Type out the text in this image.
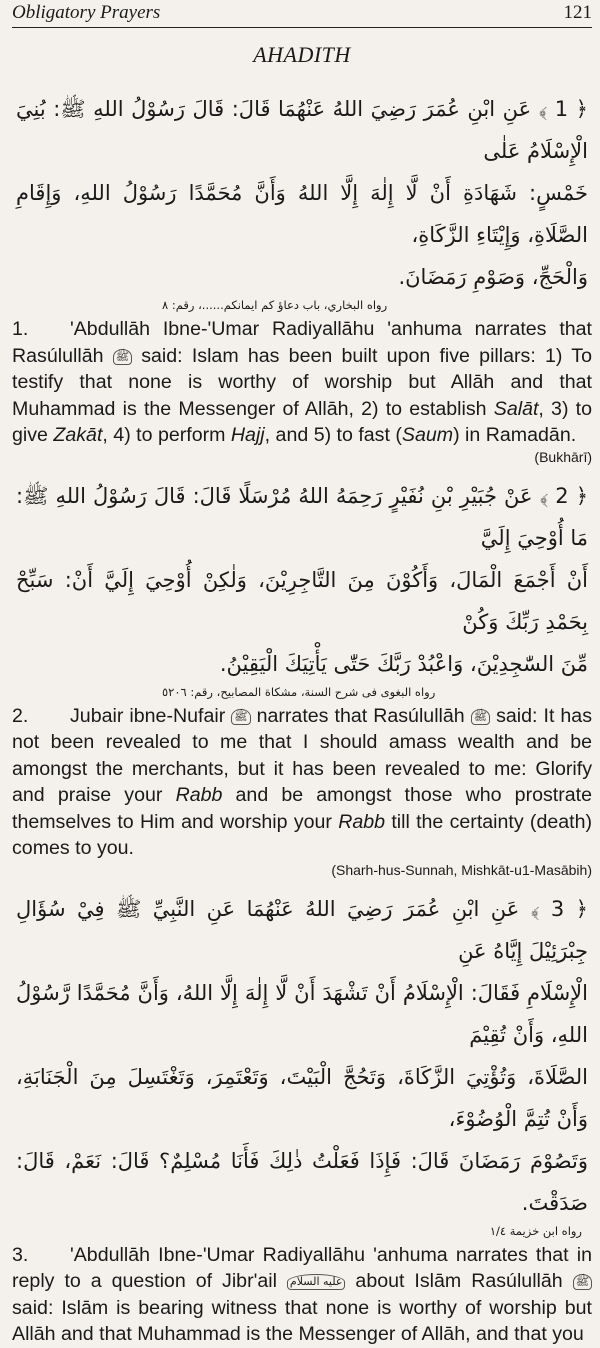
Obligatory Prayers	121
AHADITH
﴿ 1 ﴾ عَنِ ابْنِ عُمَرَ رَضِيَ اللهُ عَنْهُمَا قَالَ: قَالَ رَسُوْلُ اللهِ ﷺ: بُنِيَ الْإِسْلَامُ عَلٰى
خَمْسٍ: شَهَادَةِ أَنْ لَّا إِلٰهَ إِلَّا اللهُ وَأَنَّ مُحَمَّدًا رَسُوْلُ اللهِ، وَإِقَامِ الصَّلَاةِ، وَإِيْتَاءِ الزَّكَاةِ،
وَالْحَجِّ، وَصَوْمِ رَمَضَانَ.
رواه البخاري، باب دعاؤ كم ايمانكم......، رقم: ٨

1. 'Abdullāh Ibne-'Umar Radiyallāhu 'anhuma narrates that Rasúlullāh ﷺ said: Islam has been built upon five pillars: 1) To testify that none is worthy of worship but Allāh and that Muhammad is the Messenger of Allāh, 2) to establish Salāt, 3) to give Zakāt, 4) to perform Hajj, and 5) to fast (Saum) in Ramadān.

(Bukhārī)
﴿ 2 ﴾ عَنْ جُبَيْرِ بْنِ نُفَيْرٍ رَحِمَهُ اللهُ مُرْسَلًا قَالَ: قَالَ رَسُوْلُ اللهِ ﷺ: مَا أُوْحِيَ إِلَيَّ
أَنْ أَجْمَعَ الْمَالَ، وَأَكُوْنَ مِنَ التَّاجِرِيْنَ، وَلٰكِنْ أُوْحِيَ إِلَيَّ أَنْ: سَبِّحْ بِحَمْدِ رَبِّكَ وَكُنْ
مِّنَ السّٰجِدِيْنَ، وَاعْبُدْ رَبَّكَ حَتّٰى يَأْتِيَكَ الْيَقِيْنُ.
رواه البغوى فى شرح السنة، مشكاة المصابيح، رقم: ٥٢٠٦

2. Jubair ibne-Nufair ﷺ narrates that Rasúlullāh ﷺ said: It has not been revealed to me that I should amass wealth and be amongst the merchants, but it has been revealed to me: Glorify and praise your Rabb and be amongst those who prostrate themselves to Him and worship your Rabb till the certainty (death) comes to you.

(Sharh-hus-Sunnah, Mishkāt-u1-Masābih)
﴿ 3 ﴾ عَنِ ابْنِ عُمَرَ رَضِيَ اللهُ عَنْهُمَا عَنِ النَّبِيِّ ﷺ فِيْ سُؤَالِ جِبْرَئِيْلَ إِيَّاهُ عَنِ
الْإِسْلَامِ فَقَالَ: الْإِسْلَامُ أَنْ تَشْهَدَ أَنْ لَّا إِلٰهَ إِلَّا اللهُ، وَأَنَّ مُحَمَّدًا رَّسُوْلُ اللهِ، وَأَنْ تُقِيْمَ
الصَّلَاةَ، وَتُؤْتِيَ الزَّكَاةَ، وَتَحُجَّ الْبَيْتَ، وَتَعْتَمِرَ، وَتَغْتَسِلَ مِنَ الْجَنَابَةِ، وَأَنْ تُتِمَّ الْوُضُوْءَ،
وَتَصُوْمَ رَمَضَانَ قَالَ: فَإِذَا فَعَلْتُ ذٰلِكَ فَأَنَا مُسْلِمٌ؟ قَالَ: نَعَمْ، قَالَ: صَدَقْتَ.
رواه ابن خزيمة ١/٤

3. 'Abdullāh Ibne-'Umar Radiyallāhu 'anhuma narrates that in reply to a question of Jibr'ail عليه السلام about Islām Rasúlullāh ﷺ said: Islām is bearing witness that none is worthy of worship but Allāh and that Muhammad is the Messenger of Allāh, and that you
